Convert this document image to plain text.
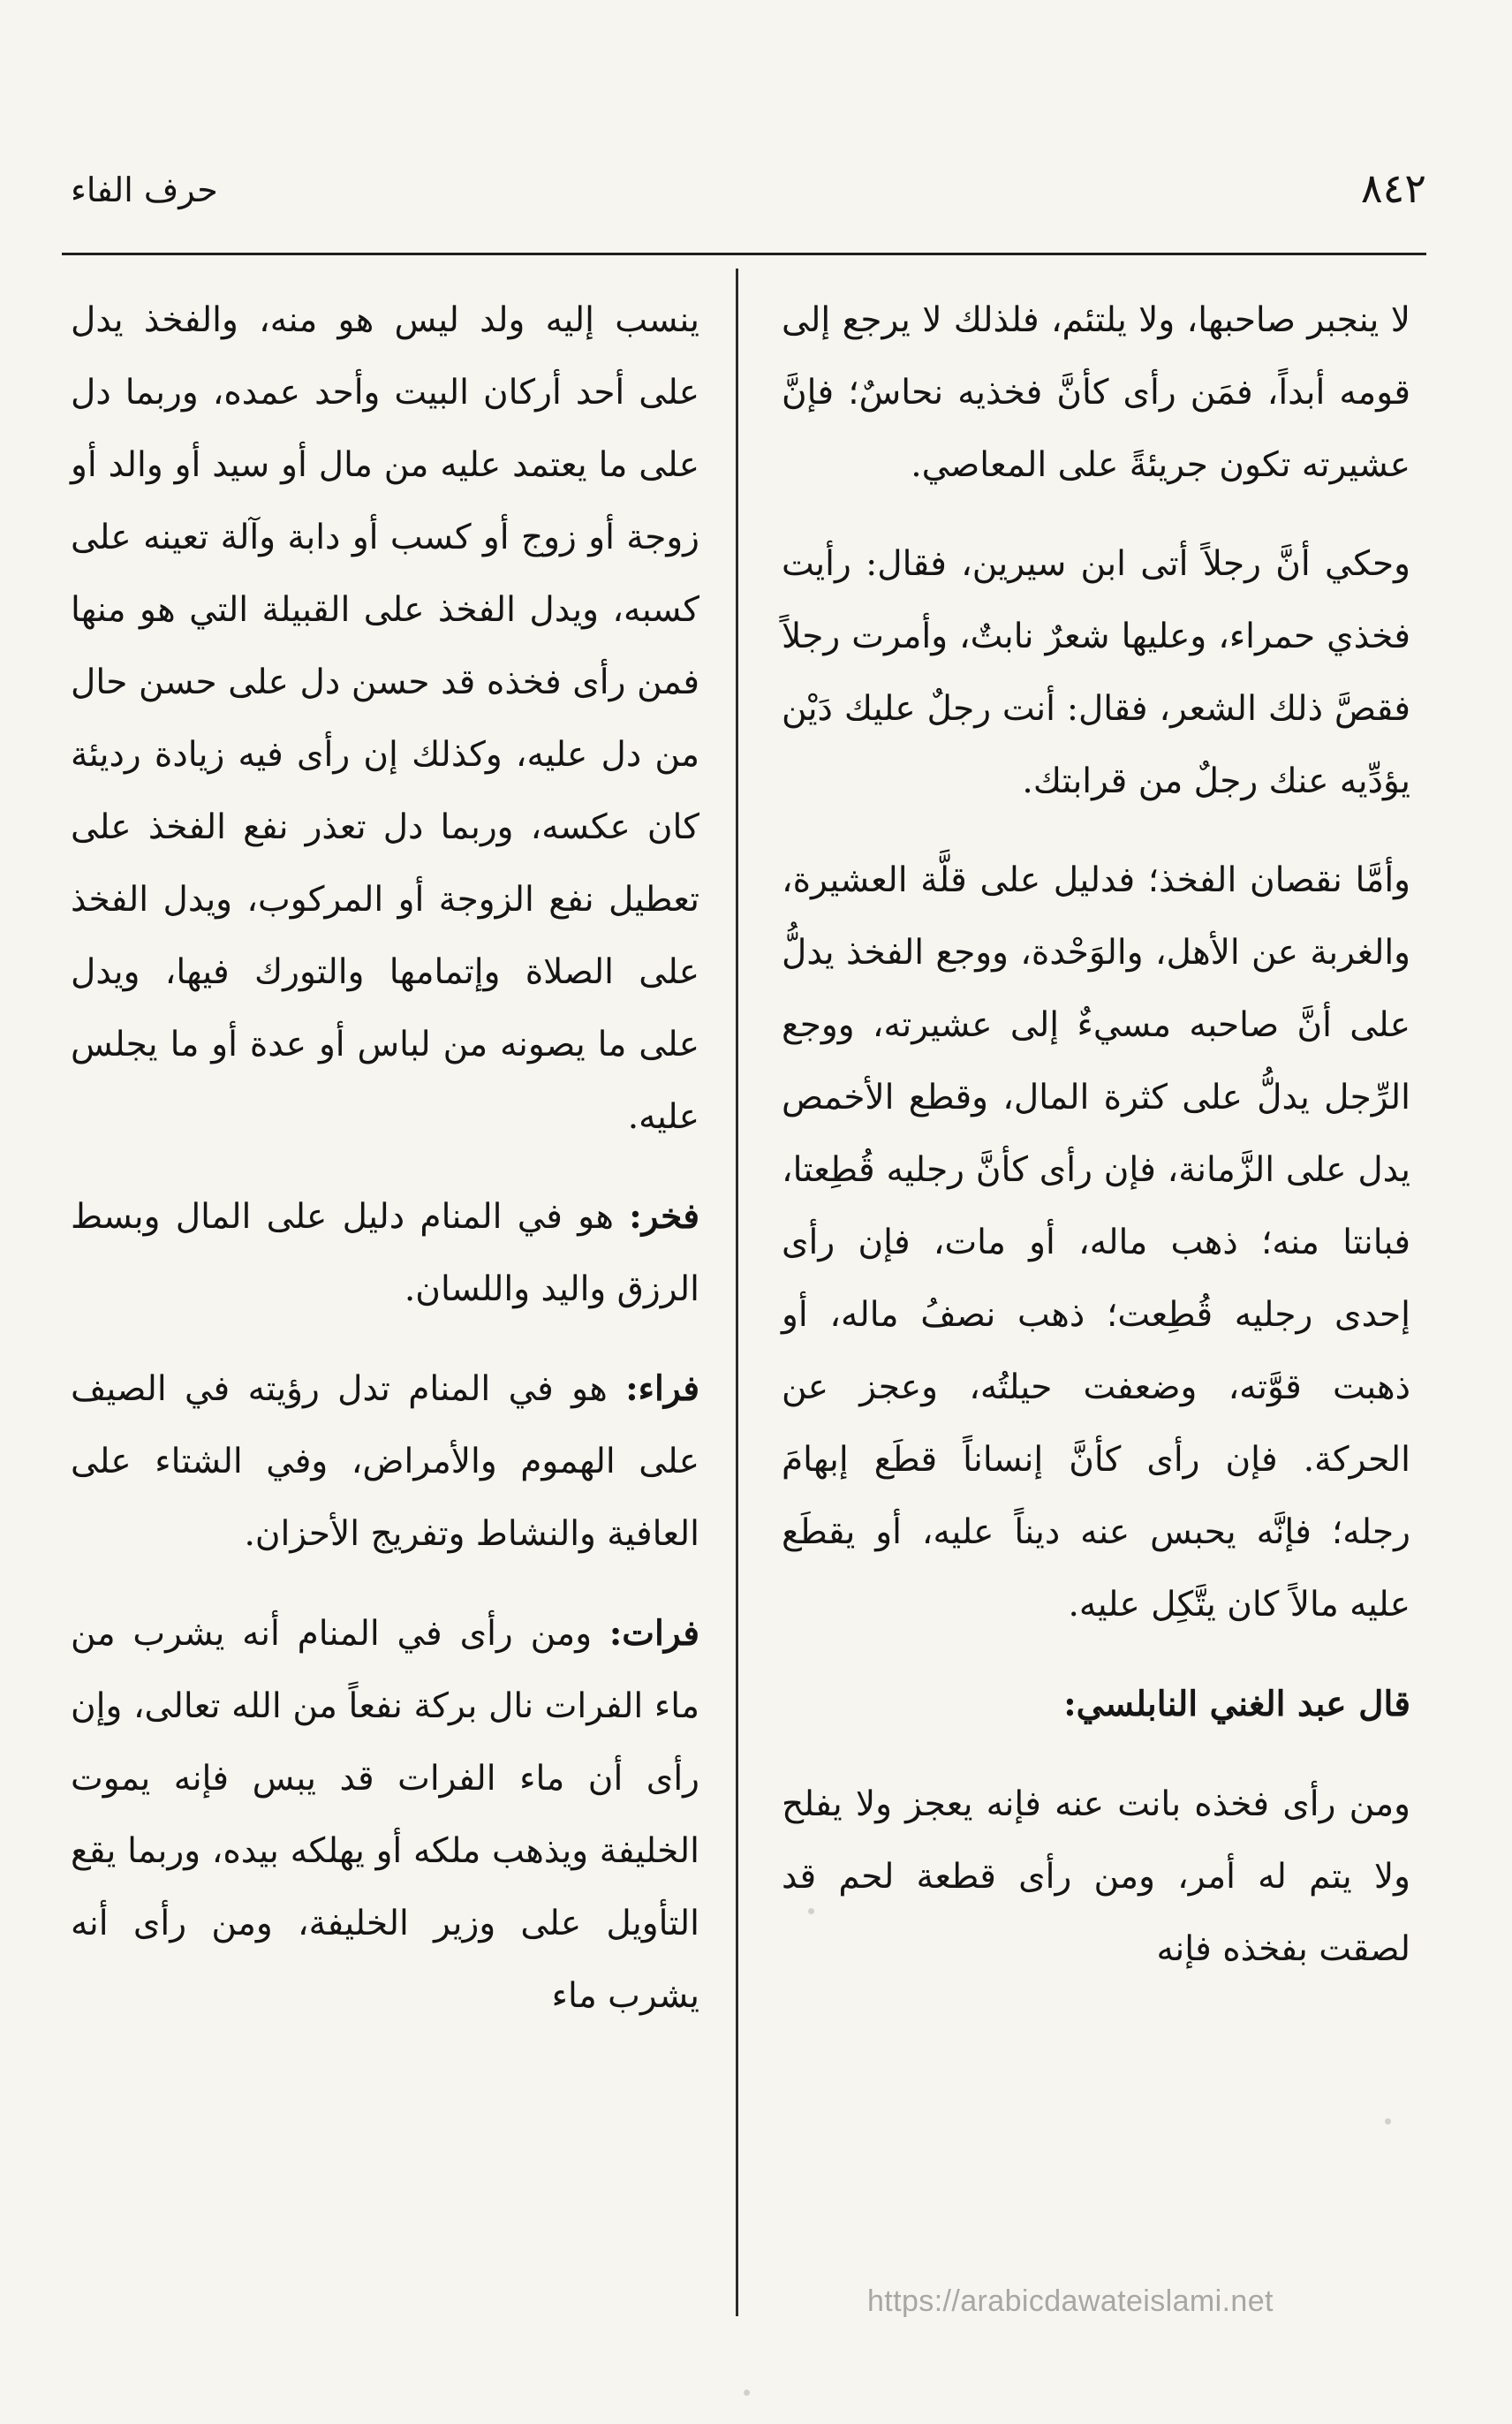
٨٤٢
حرف الفاء

لا ينجبر صاحبها، ولا يلتئم، فلذلك لا يرجع إلى قومه أبداً، فمَن رأى كأنَّ فخذيه نحاسٌ؛ فإنَّ عشيرته تكون جريئةً على المعاصي.

وحكي أنَّ رجلاً أتى ابن سيرين، فقال: رأيت فخذي حمراء، وعليها شعرٌ نابتٌ، وأمرت رجلاً فقصَّ ذلك الشعر، فقال: أنت رجلٌ عليك دَيْن يؤدِّيه عنك رجلٌ من قرابتك.

وأمَّا نقصان الفخذ؛ فدليل على قلَّة العشيرة، والغربة عن الأهل، والوَحْدة، ووجع الفخذ يدلُّ على أنَّ صاحبه مسيءٌ إلى عشيرته، ووجع الرِّجل يدلُّ على كثرة المال، وقطع الأخمص يدل على الزَّمانة، فإن رأى كأنَّ رجليه قُطِعتا، فبانتا منه؛ ذهب ماله، أو مات، فإن رأى إحدى رجليه قُطِعت؛ ذهب نصفُ ماله، أو ذهبت قوَّته، وضعفت حيلتُه، وعجز عن الحركة. فإن رأى كأنَّ إنساناً قطَع إبهامَ رجله؛ فإنَّه يحبس عنه ديناً عليه، أو يقطَع عليه مالاً كان يتَّكِل عليه.

قال عبد الغني النابلسي:

ومن رأى فخذه بانت عنه فإنه يعجز ولا يفلح ولا يتم له أمر، ومن رأى قطعة لحم قد لصقت بفخذه فإنه

ينسب إليه ولد ليس هو منه، والفخذ يدل على أحد أركان البيت وأحد عمده، وربما دل على ما يعتمد عليه من مال أو سيد أو والد أو زوجة أو زوج أو كسب أو دابة وآلة تعينه على كسبه، ويدل الفخذ على القبيلة التي هو منها فمن رأى فخذه قد حسن دل على حسن حال من دل عليه، وكذلك إن رأى فيه زيادة رديئة كان عكسه، وربما دل تعذر نفع الفخذ على تعطيل نفع الزوجة أو المركوب، ويدل الفخذ على الصلاة وإتمامها والتورك فيها، ويدل على ما يصونه من لباس أو عدة أو ما يجلس عليه.

فخر: هو في المنام دليل على المال وبسط الرزق واليد واللسان.

فراء: هو في المنام تدل رؤيته في الصيف على الهموم والأمراض، وفي الشتاء على العافية والنشاط وتفريج الأحزان.

فرات: ومن رأى في المنام أنه يشرب من ماء الفرات نال بركة نفعاً من الله تعالى، وإن رأى أن ماء الفرات قد يبس فإنه يموت الخليفة ويذهب ملكه أو يهلكه بيده، وربما يقع التأويل على وزير الخليفة، ومن رأى أنه يشرب ماء

https://arabicdawateislami.net
